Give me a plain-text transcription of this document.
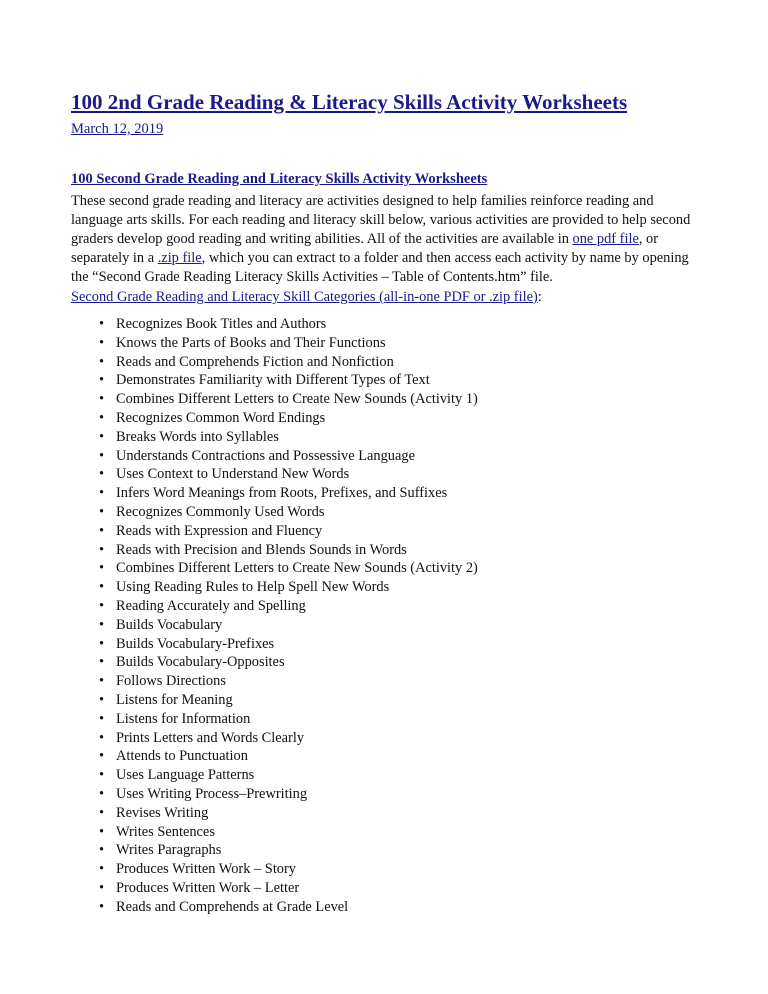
100 2nd Grade Reading & Literacy Skills Activity Worksheets
March 12, 2019
100 Second Grade Reading and Literacy Skills Activity Worksheets

These second grade reading and literacy are activities designed to help families reinforce reading and language arts skills. For each reading and literacy skill below, various activities are provided to help second graders develop good reading and writing abilities. All of the activities are available in one pdf file, or separately in a .zip file, which you can extract to a folder and then access each activity by name by opening the “Second Grade Reading Literacy Skills Activities – Table of Contents.htm” file.

Second Grade Reading and Literacy Skill Categories (all-in-one PDF or .zip file):
• Recognizes Book Titles and Authors
• Knows the Parts of Books and Their Functions
• Reads and Comprehends Fiction and Nonfiction
• Demonstrates Familiarity with Different Types of Text
• Combines Different Letters to Create New Sounds (Activity 1)
• Recognizes Common Word Endings
• Breaks Words into Syllables
• Understands Contractions and Possessive Language
• Uses Context to Understand New Words
• Infers Word Meanings from Roots, Prefixes, and Suffixes
• Recognizes Commonly Used Words
• Reads with Expression and Fluency
• Reads with Precision and Blends Sounds in Words
• Combines Different Letters to Create New Sounds (Activity 2)
• Using Reading Rules to Help Spell New Words
• Reading Accurately and Spelling
• Builds Vocabulary
• Builds Vocabulary-Prefixes
• Builds Vocabulary-Opposites
• Follows Directions
• Listens for Meaning
• Listens for Information
• Prints Letters and Words Clearly
• Attends to Punctuation
• Uses Language Patterns
• Uses Writing Process–Prewriting
• Revises Writing
• Writes Sentences
• Writes Paragraphs
• Produces Written Work – Story
• Produces Written Work – Letter
• Reads and Comprehends at Grade Level
